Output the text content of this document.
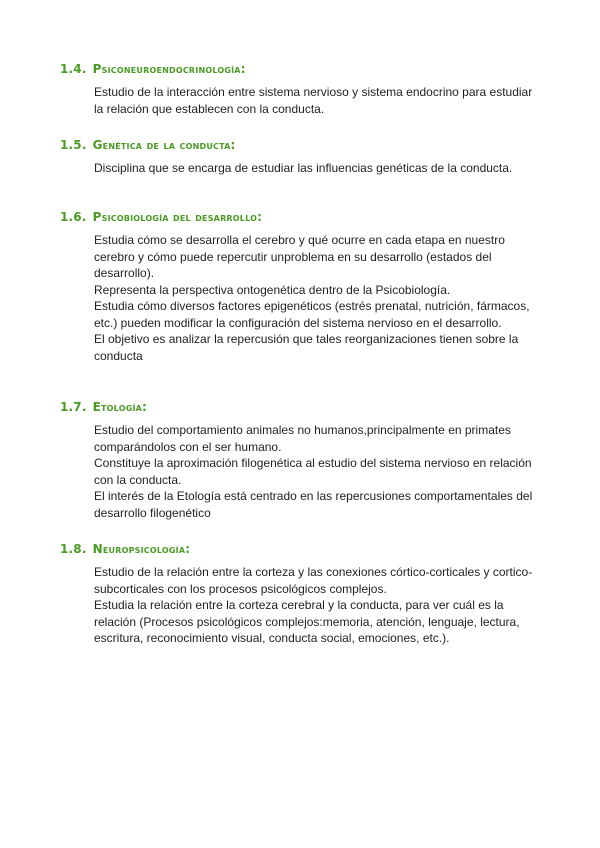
1.4. Psiconeuroendocrinología:

Estudio de la interacción entre sistema nervioso y sistema endocrino para estudiar la relación que establecen con la conducta.

1.5. Genética de la conducta:

Disciplina que se encarga de estudiar las influencias genéticas de la conducta.

1.6. Psicobiología del desarrollo:

Estudia cómo se desarrolla el cerebro y qué ocurre en cada etapa en nuestro cerebro y cómo puede repercutir unproblema en su desarrollo (estados del desarrollo).

Representa la perspectiva ontogenética dentro de la Psicobiología.

Estudia cómo diversos factores epigenéticos (estrés prenatal, nutrición, fármacos, etc.) pueden modificar la configuración del sistema nervioso en el desarrollo.

El objetivo es analizar la repercusión que tales reorganizaciones tienen sobre la conducta

1.7. Etología:

Estudio del comportamiento animales no humanos,principalmente en primates comparándolos con el ser humano.

Constituye la aproximación filogenética al estudio del sistema nervioso en relación con la conducta.

El interés de la Etología está centrado en las repercusiones comportamentales del desarrollo filogenético

1.8. Neuropsicología:

Estudio de la relación entre la corteza y las conexiones córtico-corticales y cortico-subcorticales con los procesos psicológicos complejos.

Estudia la relación entre la corteza cerebral y la conducta, para ver cuál es la relación (Procesos psicológicos complejos:memoria, atención, lenguaje, lectura, escritura, reconocimiento visual, conducta social, emociones, etc.).
